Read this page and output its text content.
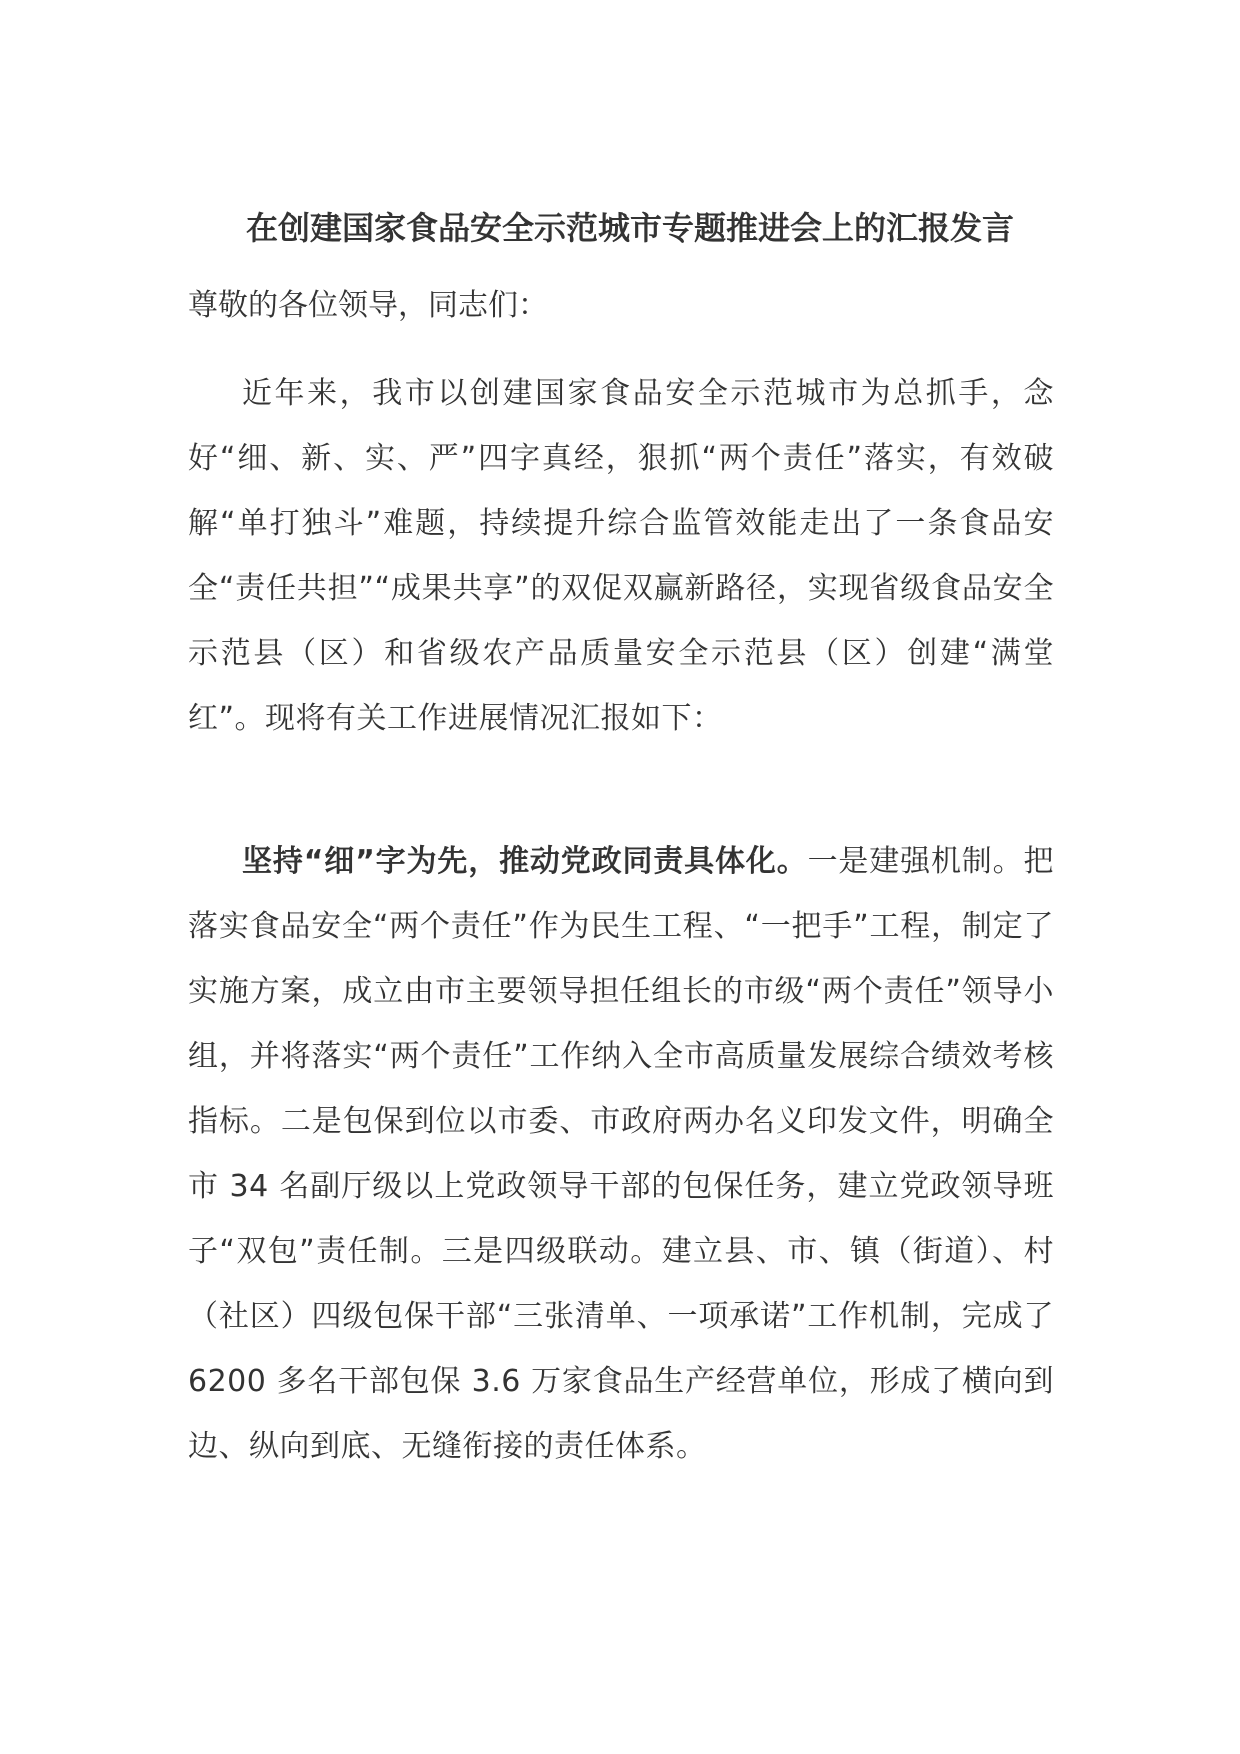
在创建国家食品安全示范城市专题推进会上的汇报发言

尊敬的各位领导，同志们：

近年来，我市以创建国家食品安全示范城市为总抓手，念好“细、新、实、严”四字真经，狠抓“两个责任”落实，有效破解“单打独斗”难题，持续提升综合监管效能走出了一条食品安全“责任共担”“成果共享”的双促双赢新路径，实现省级食品安全示范县（区）和省级农产品质量安全示范县（区）创建“满堂红”。现将有关工作进展情况汇报如下：

坚持“细”字为先，推动党政同责具体化。一是建强机制。把落实食品安全“两个责任”作为民生工程、“一把手”工程，制定了实施方案，成立由市主要领导担任组长的市级“两个责任”领导小组，并将落实“两个责任”工作纳入全市高质量发展综合绩效考核指标。二是包保到位以市委、市政府两办名义印发文件，明确全市 34 名副厅级以上党政领导干部的包保任务，建立党政领导班子“双包”责任制。三是四级联动。建立县、市、镇（街道）、村（社区）四级包保干部“三张清单、一项承诺”工作机制，完成了 6200 多名干部包保 3.6 万家食品生产经营单位，形成了横向到边、纵向到底、无缝衔接的责任体系。
